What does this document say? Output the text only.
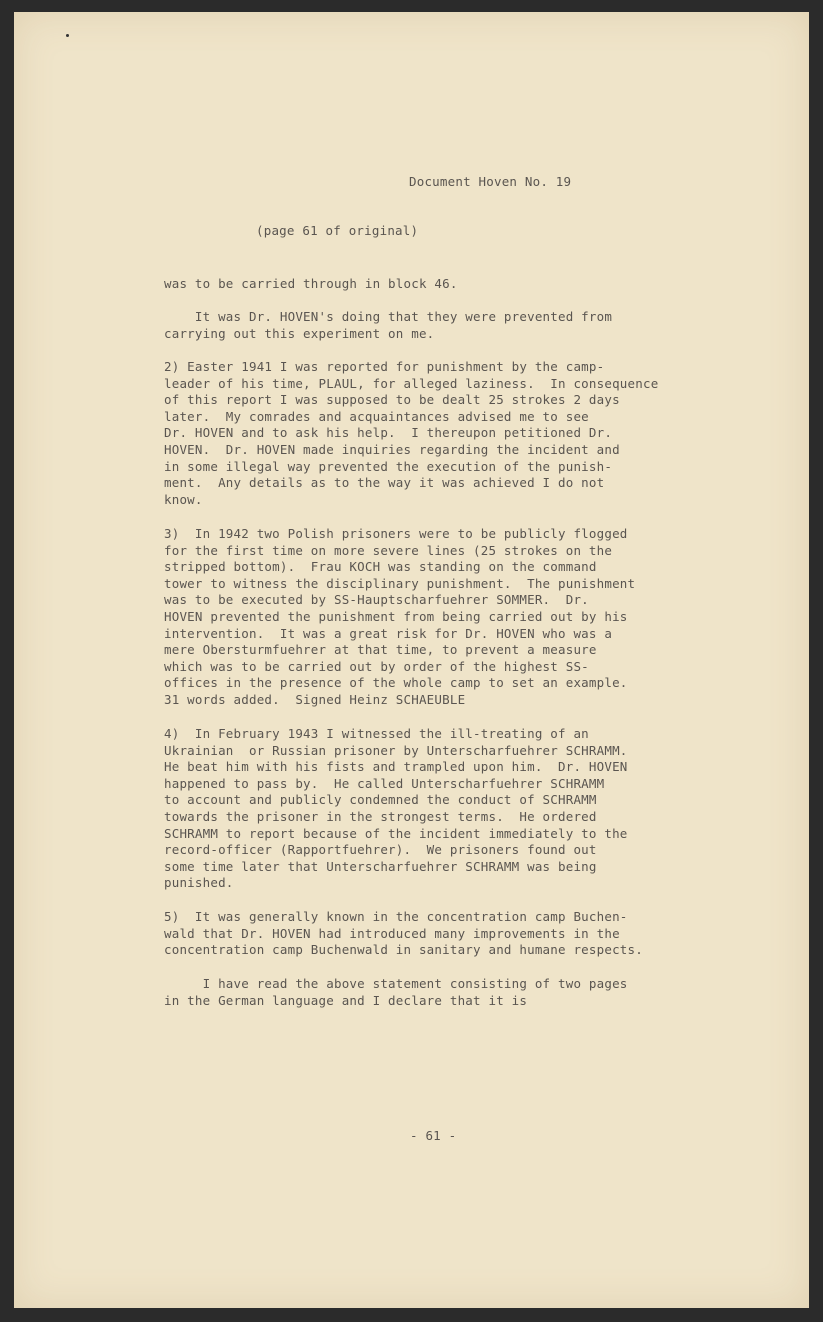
Document Hoven No. 19
(page 61 of original)
was to be carried through in block 46.
It was Dr. HOVEN's doing that they were prevented from
carrying out this experiment on me.
2) Easter 1941 I was reported for punishment by the camp-
leader of his time, PLAUL, for alleged laziness.  In consequence
of this report I was supposed to be dealt 25 strokes 2 days
later.  My comrades and acquaintances advised me to see
Dr. HOVEN and to ask his help.  I thereupon petitioned Dr.
HOVEN.  Dr. HOVEN made inquiries regarding the incident and
in some illegal way prevented the execution of the punish-
ment.  Any details as to the way it was achieved I do not
know.
3)  In 1942 two Polish prisoners were to be publicly flogged
for the first time on more severe lines (25 strokes on the
stripped bottom).  Frau KOCH was standing on the command
tower to witness the disciplinary punishment.  The punishment
was to be executed by SS-Hauptscharfuehrer SOMMER.  Dr.
HOVEN prevented the punishment from being carried out by his
intervention.  It was a great risk for Dr. HOVEN who was a
mere Obersturmfuehrer at that time, to prevent a measure
which was to be carried out by order of the highest SS-
offices in the presence of the whole camp to set an example.
31 words added.  Signed Heinz SCHAEUBLE
4)  In February 1943 I witnessed the ill-treating of an
Ukrainian  or Russian prisoner by Unterscharfuehrer SCHRAMM.
He beat him with his fists and trampled upon him.  Dr. HOVEN
happened to pass by.  He called Unterscharfuehrer SCHRAMM
to account and publicly condemned the conduct of SCHRAMM
towards the prisoner in the strongest terms.  He ordered
SCHRAMM to report because of the incident immediately to the
record-officer (Rapportfuehrer).  We prisoners found out
some time later that Unterscharfuehrer SCHRAMM was being
punished.
5)  It was generally known in the concentration camp Buchen-
wald that Dr. HOVEN had introduced many improvements in the
concentration camp Buchenwald in sanitary and humane respects.
I have read the above statement consisting of two pages
in the German language and I declare that it is
- 61 -
